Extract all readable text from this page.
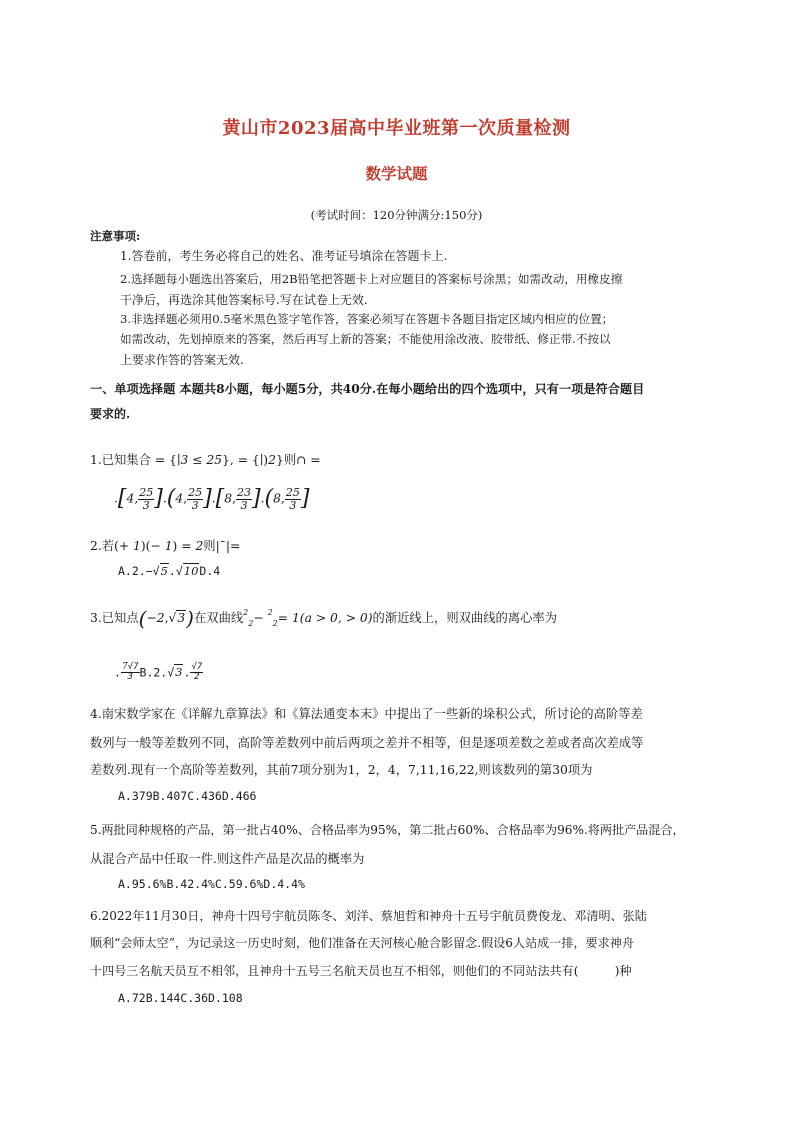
黄山市2023届高中毕业班第一次质量检测
数学试题
(考试时间：120分钟满分:150分)
注意事项:
1.答卷前，考生务必将自己的姓名、准考证号填涂在答题卡上.
2.选择题每小题选出答案后，用2B铅笔把答题卡上对应题目的答案标号涂黑；如需改动，用橡皮擦
干净后，再选涂其他答案标号.写在试卷上无效.
3.非选择题必须用0.5毫米黑色签字笔作答，答案必须写在答题卡各题目指定区域内相应的位置；
如需改动，先划掉原来的答案，然后再写上新的答案；不能使用涂改液、胶带纸、修正带.不按以
上要求作答的答案无效.
一、单项选择题 本题共8小题，每小题5分，共40分.在每小题给出的四个选项中，只有一项是符合题目
要求的.
1.已知集合 = {∣3 ≤ 25}, = {∣)2}则∩ =
.[4, $\frac{25}{3} ].(4$, $\frac{25}{3} ].[8$, $\frac{23}{3} ].(8$, $\frac{25}{3}$ ]
2.若(+ 1)(− 1) = 2则|¯|=
A.2.−√5.√10D.4
3.已知点(−2,√3)在双曲线$^2_2$− $^2_2$= 1(a > 0, > 0)的渐近线上，则双曲线的离心率为
. $\frac{7√7}{3} B.2.√3$. $\frac{√7}{2}$
4.南宋数学家在《详解九章算法》和《算法通变本末》中提出了一些新的垛积公式，所讨论的高阶等差
数列与一般等差数列不同，高阶等差数列中前后两项之差并不相等，但是逐项差数之差或者高次差成等
差数列.现有一个高阶等差数列，其前7项分别为1，2，4，7,11,16,22,则该数列的第30项为
A.379B.407C.436D.466
5.两批同种规格的产品，第一批占40%、合格品率为95%，第二批占60%、合格品率为96%.将两批产品混合，
从混合产品中任取一件.则这件产品是次品的概率为
A.95.6%B.42.4%C.59.6%D.4.4%
6.2022年11月30日，神舟十四号宇航员陈冬、刘洋、蔡旭哲和神舟十五号宇航员费俊龙、邓清明、张陆
顺利“会师太空”，为记录这一历史时刻，他们准备在天河核心舱合影留念.假设6人站成一排，要求神舟
十四号三名航天员互不相邻，且神舟十五号三名航天员也互不相邻，则他们的不同站法共有(　　　)种
A.72B.144C.36D.108
